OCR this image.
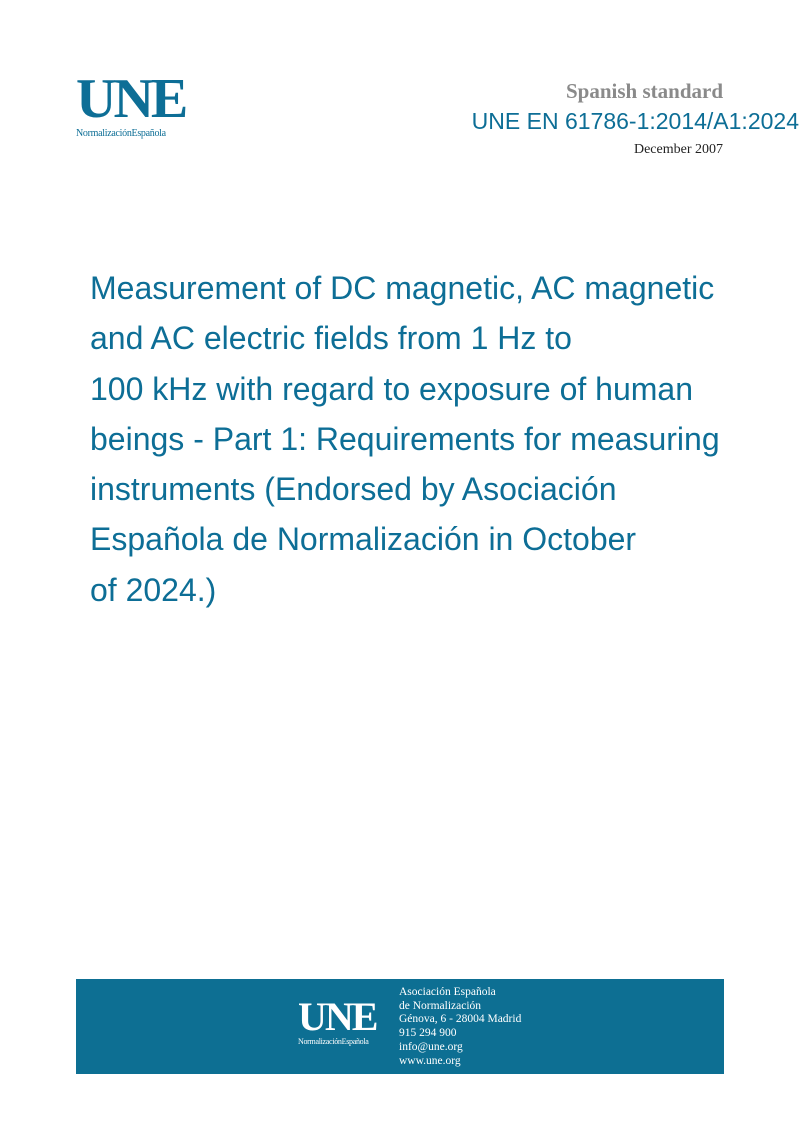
UNE
NormalizaciónEspañola
Spanish standard
UNE EN 61786-1:2014/A1:2024
December 2007
Measurement of DC magnetic, AC magnetic
and AC electric fields from 1 Hz to
100 kHz with regard to exposure of human
beings - Part 1: Requirements for measuring
instruments (Endorsed by Asociación
Española de Normalización in October
of 2024.)
UNE
NormalizaciónEspañola
Asociación Española
de Normalización
Génova, 6 - 28004 Madrid
915 294 900
info@une.org
www.une.org
